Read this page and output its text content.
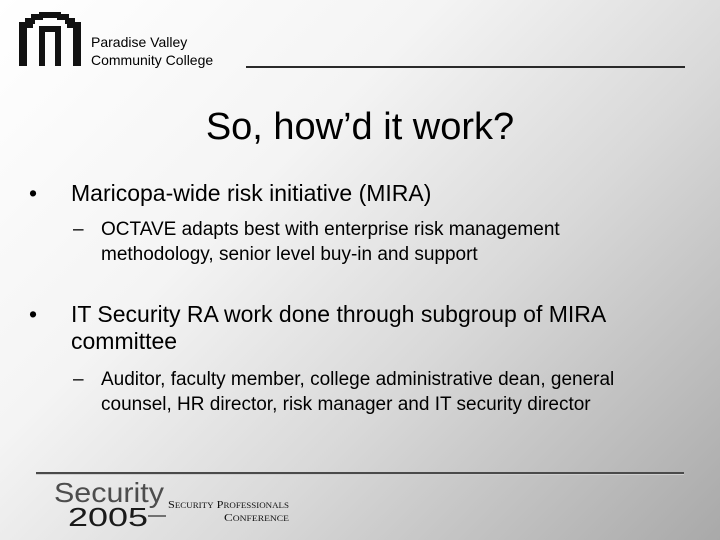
Paradise Valley
Community College
So, how’d it work?
• Maricopa-wide risk initiative (MIRA)
– OCTAVE adapts best with enterprise risk management methodology, senior level buy-in and support
• IT Security RA work done through subgroup of MIRA committee
– Auditor, faculty member, college administrative dean, general counsel, HR director, risk manager and IT security director
Security
2005 Security Professionals
Conference
